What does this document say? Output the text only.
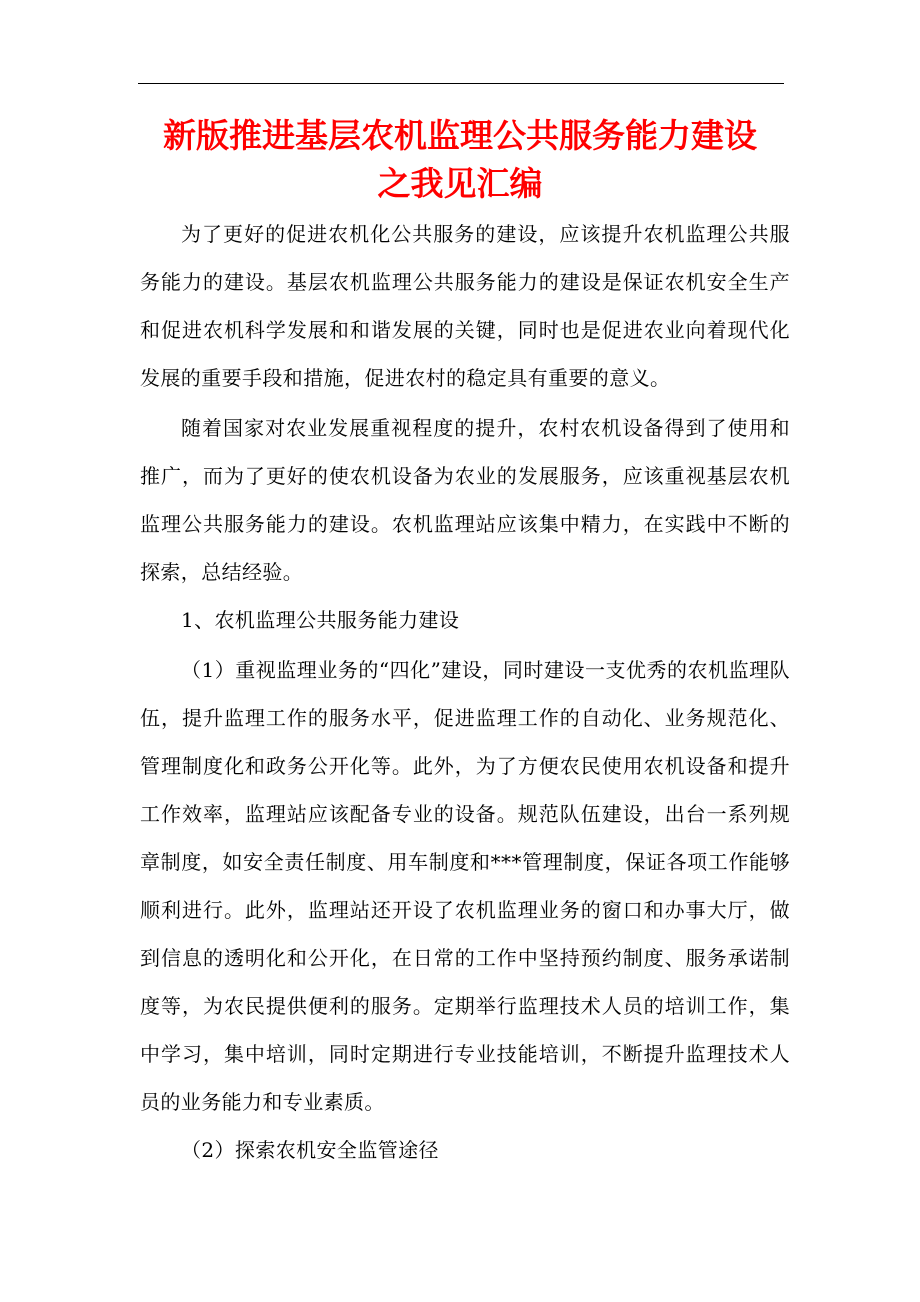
新版推进基层农机监理公共服务能力建设
之我见汇编

为了更好的促进农机化公共服务的建设，应该提升农机监理公共服务能力的建设。基层农机监理公共服务能力的建设是保证农机安全生产和促进农机科学发展和和谐发展的关键，同时也是促进农业向着现代化发展的重要手段和措施，促进农村的稳定具有重要的意义。

随着国家对农业发展重视程度的提升，农村农机设备得到了使用和推广，而为了更好的使农机设备为农业的发展服务，应该重视基层农机监理公共服务能力的建设。农机监理站应该集中精力，在实践中不断的探索，总结经验。

1、农机监理公共服务能力建设

（1）重视监理业务的“四化”建设，同时建设一支优秀的农机监理队伍，提升监理工作的服务水平，促进监理工作的自动化、业务规范化、管理制度化和政务公开化等。此外，为了方便农民使用农机设备和提升工作效率，监理站应该配备专业的设备。规范队伍建设，出台一系列规章制度，如安全责任制度、用车制度和***管理制度，保证各项工作能够顺利进行。此外，监理站还开设了农机监理业务的窗口和办事大厅，做到信息的透明化和公开化，在日常的工作中坚持预约制度、服务承诺制度等，为农民提供便利的服务。定期举行监理技术人员的培训工作，集中学习，集中培训，同时定期进行专业技能培训，不断提升监理技术人员的业务能力和专业素质。

（2）探索农机安全监管途径
